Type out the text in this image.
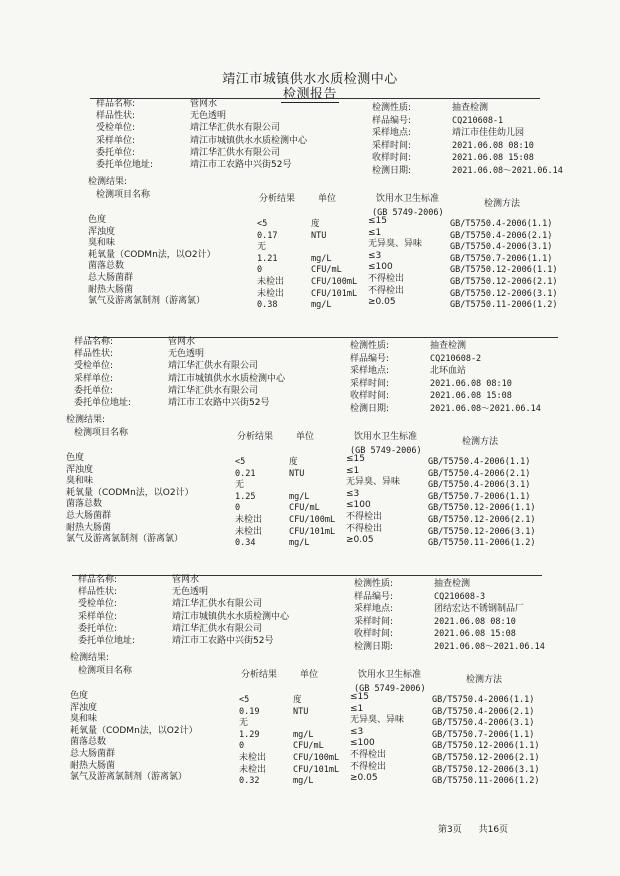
靖江市城镇供水水质检测中心
检测报告
样品名称:	管网水
样品性状:	无色透明
受检单位:	靖江华汇供水有限公司
采样单位:	靖江市城镇供水水质检测中心
委托单位:	靖江华汇供水有限公司
委托单位地址:	靖江市工农路中兴街52号
检测性质:	抽查检测
样品编号:	CQ210608-1
采样地点:	靖江市佳佳幼儿园
采样时间:	2021.06.08 08:10
收样时间:	2021.06.08 15:08
检测日期:	2021.06.08～2021.06.14
检测结果:
检测项目名称	分析结果	单位	饮用水卫生标准
(GB 5749-2006)
检测方法
色度	<5	度	≤15	GB/T5750.4-2006(1.1)
浑浊度	0.17	NTU	≤1	GB/T5750.4-2006(2.1)
臭和味	无	无异臭、异味	GB/T5750.4-2006(3.1)
耗氧量（CODMn法，以O2计）	1.21	mg/L	≤3	GB/T5750.7-2006(1.1)
菌落总数	0	CFU/mL	≤100	GB/T5750.12-2006(1.1)
总大肠菌群	未检出	CFU/100mL 不得检出	GB/T5750.12-2006(2.1)
耐热大肠菌	未检出	CFU/101mL 不得检出	GB/T5750.12-2006(3.1)
氯气及游离氯制剂（游离氯）	0.38	mg/L	≥0.05	GB/T5750.11-2006(1.2)
样品名称:	管网水
样品性状:	无色透明
受检单位:	靖江华汇供水有限公司
采样单位:	靖江市城镇供水水质检测中心
委托单位:	靖江华汇供水有限公司
委托单位地址:	靖江市工农路中兴街52号
检测性质:	抽查检测
样品编号:	CQ210608-2
采样地点:	北环血站
采样时间:	2021.06.08 08:10
收样时间:	2021.06.08 15:08
检测日期:	2021.06.08～2021.06.14
检测结果:
检测项目名称	分析结果	单位	饮用水卫生标准
(GB 5749-2006)
检测方法
色度	<5	度	≤15	GB/T5750.4-2006(1.1)
浑浊度	0.21	NTU	≤1	GB/T5750.4-2006(2.1)
臭和味	无	无异臭、异味	GB/T5750.4-2006(3.1)
耗氧量（CODMn法，以O2计）	1.25	mg/L	≤3	GB/T5750.7-2006(1.1)
菌落总数	0	CFU/mL	≤100	GB/T5750.12-2006(1.1)
总大肠菌群	未检出	CFU/100mL 不得检出	GB/T5750.12-2006(2.1)
耐热大肠菌	未检出	CFU/101mL 不得检出	GB/T5750.12-2006(3.1)
氯气及游离氯制剂（游离氯）	0.34	mg/L	≥0.05	GB/T5750.11-2006(1.2)
样品名称:	管网水
样品性状:	无色透明
受检单位:	靖江华汇供水有限公司
采样单位:	靖江市城镇供水水质检测中心
委托单位:	靖江华汇供水有限公司
委托单位地址:	靖江市工农路中兴街52号
检测性质:	抽查检测
样品编号:	CQ210608-3
采样地点:	团结宏达不锈钢制品厂
采样时间:	2021.06.08 08:10
收样时间:	2021.06.08 15:08
检测日期:	2021.06.08～2021.06.14
检测结果:
检测项目名称	分析结果	单位	饮用水卫生标准
(GB 5749-2006)
检测方法
色度	<5	度	≤15	GB/T5750.4-2006(1.1)
浑浊度	0.19	NTU	≤1	GB/T5750.4-2006(2.1)
臭和味	无	无异臭、异味	GB/T5750.4-2006(3.1)
耗氧量（CODMn法，以O2计）	1.29	mg/L	≤3	GB/T5750.7-2006(1.1)
菌落总数	0	CFU/mL	≤100	GB/T5750.12-2006(1.1)
总大肠菌群	未检出	CFU/100mL 不得检出	GB/T5750.12-2006(2.1)
耐热大肠菌	未检出	CFU/101mL 不得检出	GB/T5750.12-2006(3.1)
氯气及游离氯制剂（游离氯）	0.32	mg/L	≥0.05	GB/T5750.11-2006(1.2)
第3页 共16页
